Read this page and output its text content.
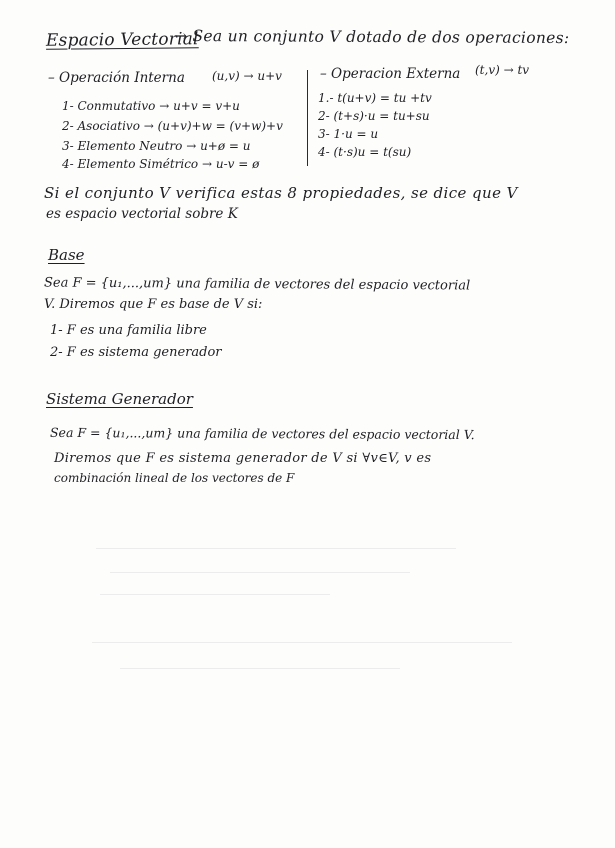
Espacio Vectorial
→ Sea un conjunto V dotado de dos operaciones:
– Operación Interna (u,v) → u+v
1- Conmutativo → u+v = v+u
2- Asociativo → (u+v)+w = (v+w)+v
3- Elemento Neutro → u+ø = u
4- Elemento Simétrico → u-v = ø
– Operacion Externa (t,v) → tv
1.- t(u+v) = tu +tv
2- (t+s)·u = tu+su
3- 1·u = u
4- (t·s)u = t(su)
Si el conjunto V verifica estas 8 propiedades, se dice que V
es espacio vectorial sobre K
Base
Sea F = {u₁,...,um} una familia de vectores del espacio vectorial
V. Diremos que F es base de V si:
1- F es una familia libre
2- F es sistema generador
Sistema Generador
Sea F = {u₁,...,um} una familia de vectores del espacio vectorial V.
Diremos que F es sistema generador de V si ∀v∈V, v es
combinación lineal de los vectores de F
